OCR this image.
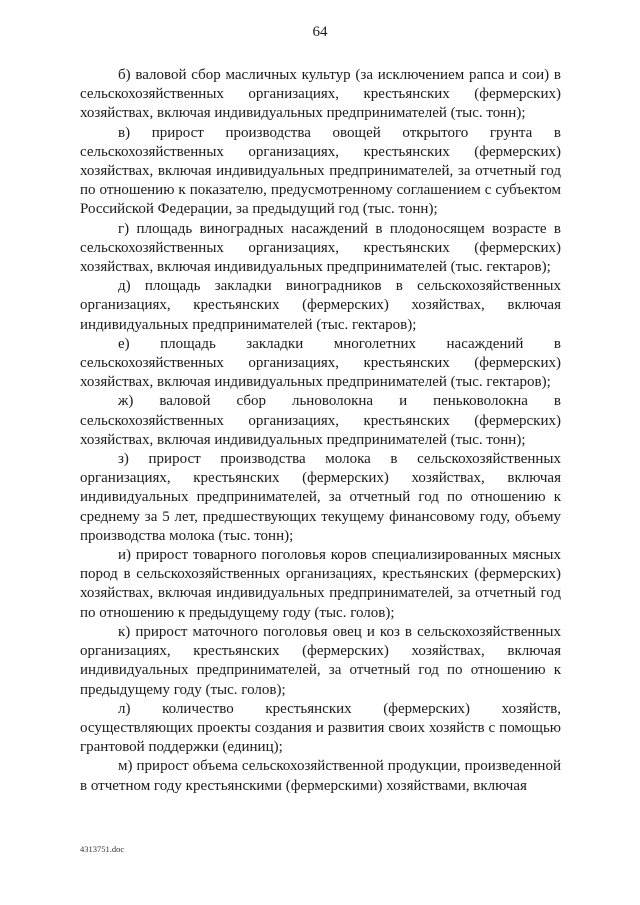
64

б) валовой сбор масличных культур (за исключением рапса и сои) в сельскохозяйственных организациях, крестьянских (фермерских) хозяйствах, включая индивидуальных предпринимателей (тыс. тонн);

в) прирост производства овощей открытого грунта в сельскохозяйственных организациях, крестьянских (фермерских) хозяйствах, включая индивидуальных предпринимателей, за отчетный год по отношению к показателю, предусмотренному соглашением с субъектом Российской Федерации, за предыдущий год (тыс. тонн);

г) площадь виноградных насаждений в плодоносящем возрасте в сельскохозяйственных организациях, крестьянских (фермерских) хозяйствах, включая индивидуальных предпринимателей (тыс. гектаров);

д) площадь закладки виноградников в сельскохозяйственных организациях, крестьянских (фермерских) хозяйствах, включая индивидуальных предпринимателей (тыс. гектаров);

е) площадь закладки многолетних насаждений в сельскохозяйственных организациях, крестьянских (фермерских) хозяйствах, включая индивидуальных предпринимателей (тыс. гектаров);

ж) валовой сбор льноволокна и пеньковолокна в сельскохозяйственных организациях, крестьянских (фермерских) хозяйствах, включая индивидуальных предпринимателей (тыс. тонн);

з) прирост производства молока в сельскохозяйственных организациях, крестьянских (фермерских) хозяйствах, включая индивидуальных предпринимателей, за отчетный год по отношению к среднему за 5 лет, предшествующих текущему финансовому году, объему производства молока (тыс. тонн);

и) прирост товарного поголовья коров специализированных мясных пород в сельскохозяйственных организациях, крестьянских (фермерских) хозяйствах, включая индивидуальных предпринимателей, за отчетный год по отношению к предыдущему году (тыс. голов);

к) прирост маточного поголовья овец и коз в сельскохозяйственных организациях, крестьянских (фермерских) хозяйствах, включая индивидуальных предпринимателей, за отчетный год по отношению к предыдущему году (тыс. голов);

л) количество крестьянских (фермерских) хозяйств, осуществляющих проекты создания и развития своих хозяйств с помощью грантовой поддержки (единиц);

м) прирост объема сельскохозяйственной продукции, произведенной в отчетном году крестьянскими (фермерскими) хозяйствами, включая

4313751.doc
